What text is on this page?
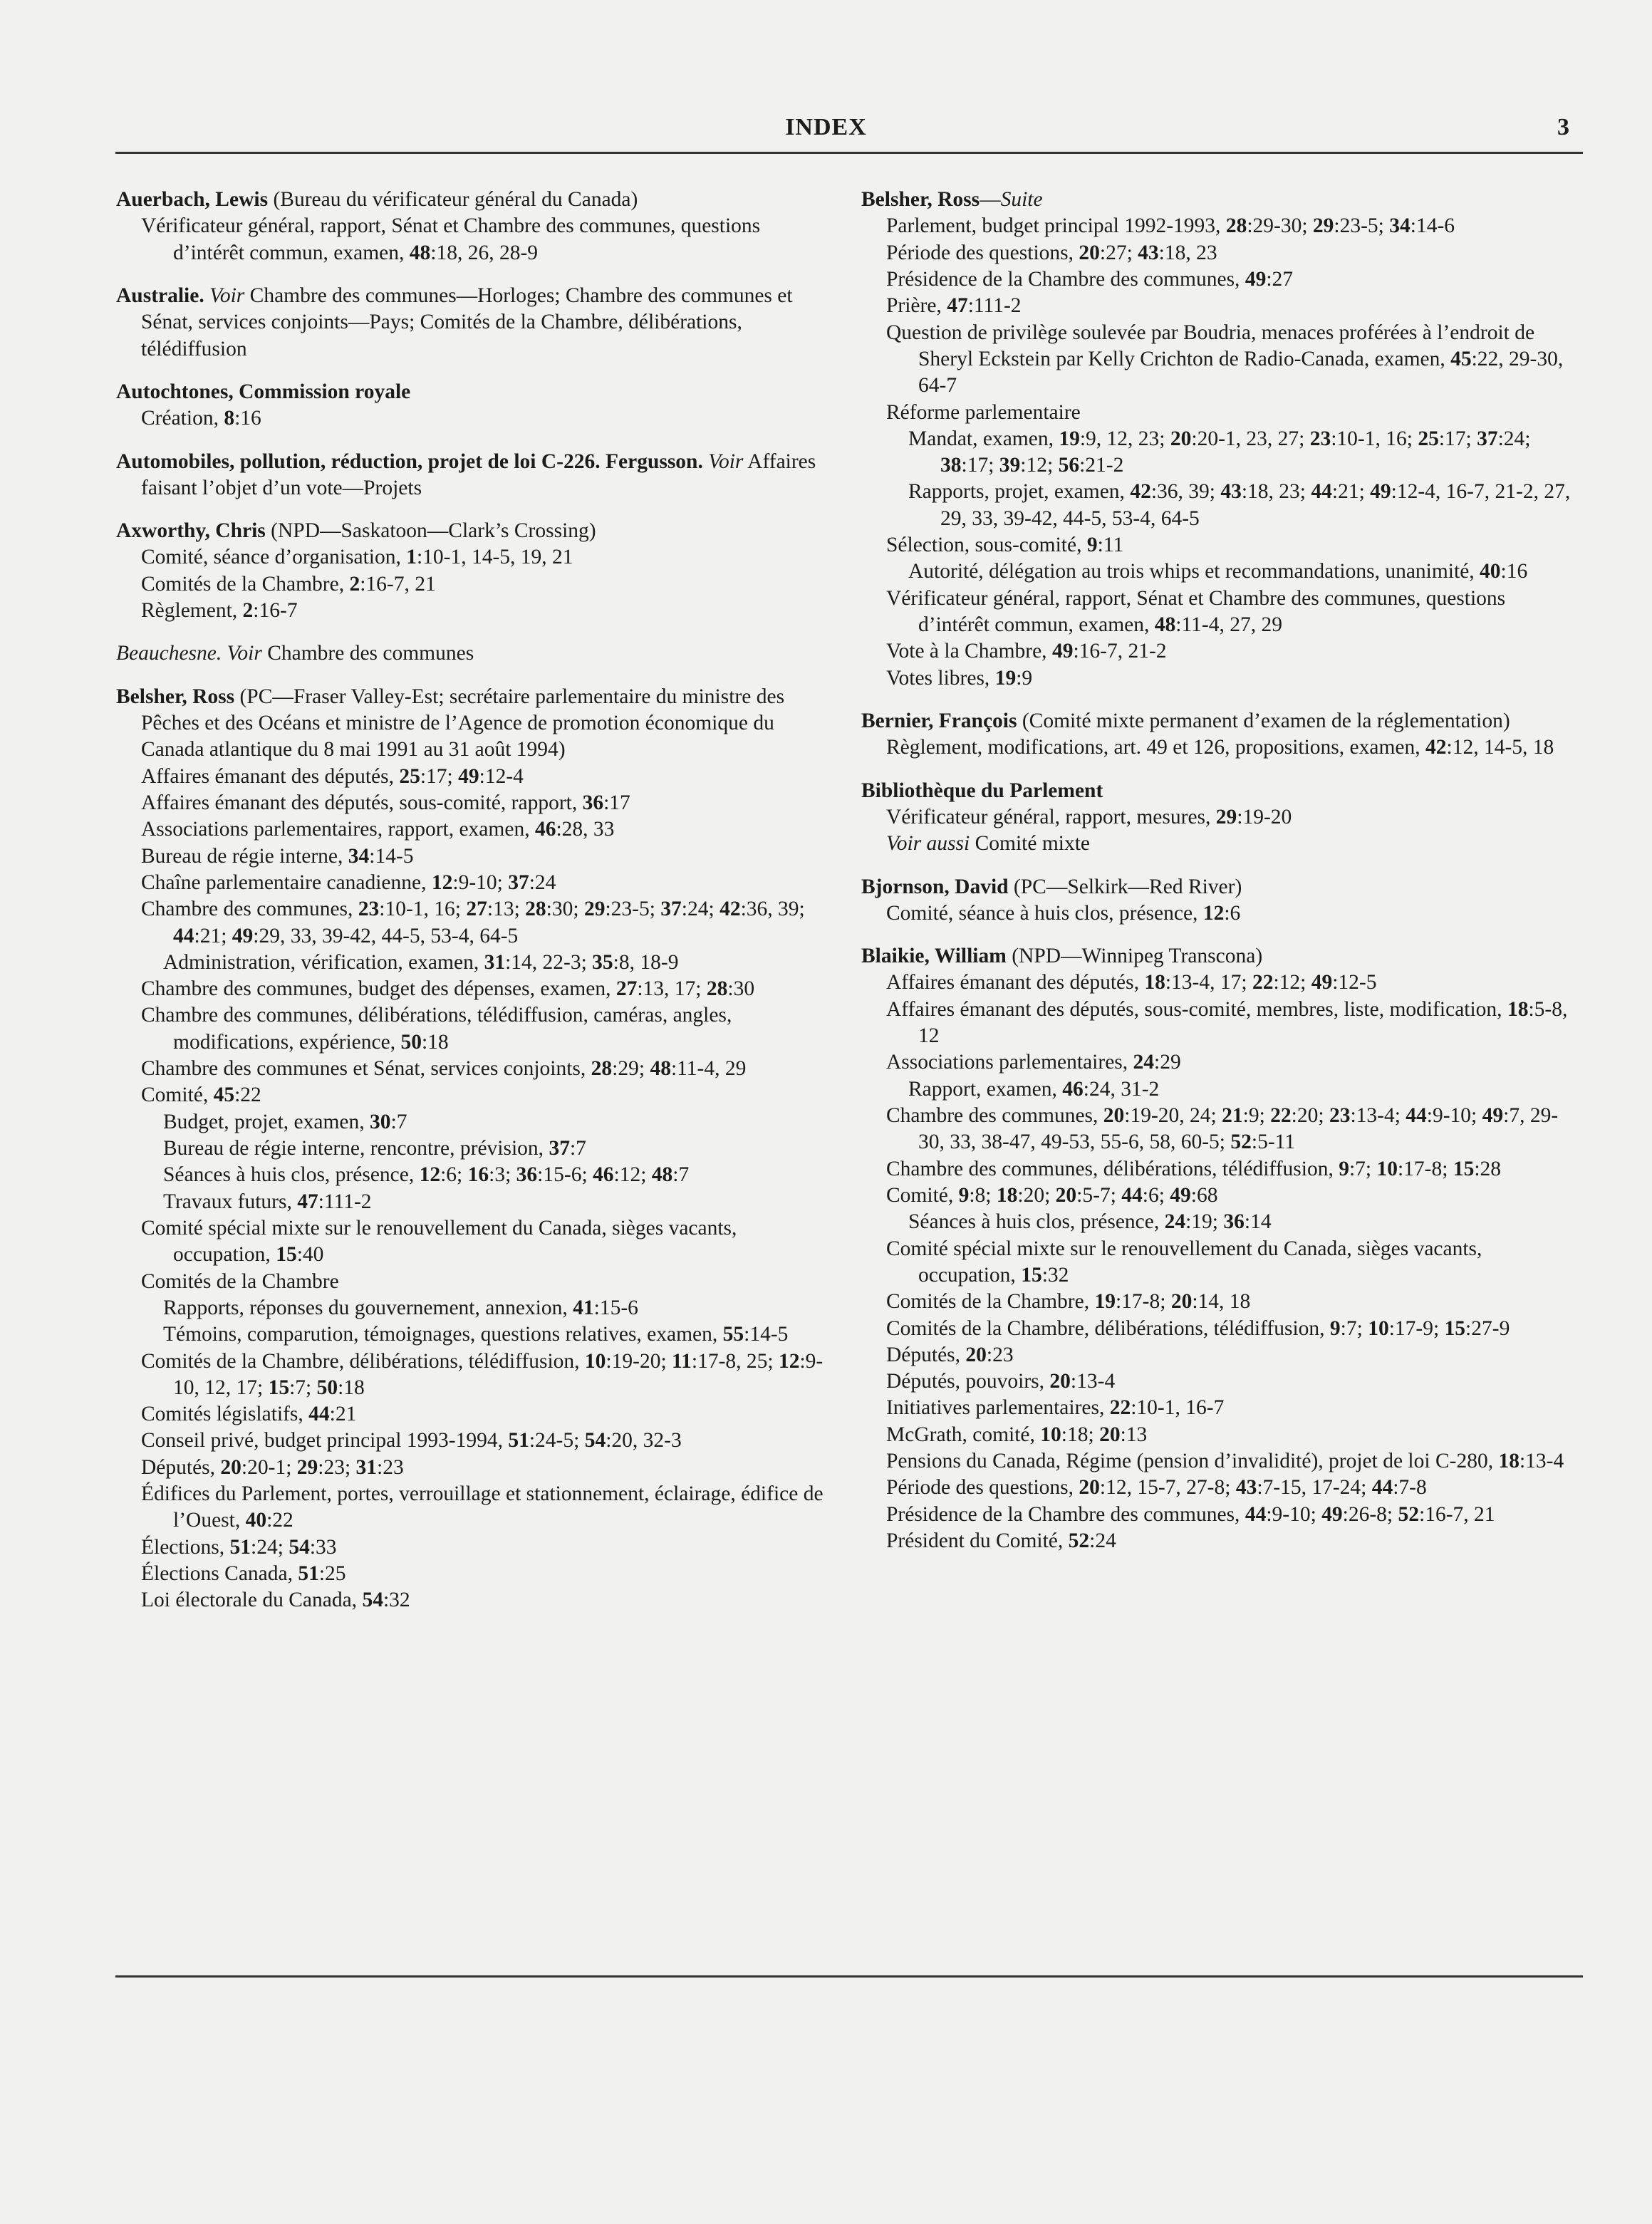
INDEX	3
Auerbach, Lewis (Bureau du vérificateur général du Canada)
Vérificateur général, rapport, Sénat et Chambre des communes, questions d’intérêt commun, examen, 48:18, 26, 28-9
Australie. Voir Chambre des communes—Horloges; Chambre des communes et Sénat, services conjoints—Pays; Comités de la Chambre, délibérations, télédiffusion
Autochtones, Commission royale
Création, 8:16
Automobiles, pollution, réduction, projet de loi C-226. Fergusson. Voir Affaires faisant l’objet d’un vote—Projets
Axworthy, Chris (NPD—Saskatoon—Clark’s Crossing)
Comité, séance d’organisation, 1:10-1, 14-5, 19, 21
Comités de la Chambre, 2:16-7, 21
Règlement, 2:16-7
Beauchesne. Voir Chambre des communes
Belsher, Ross (PC—Fraser Valley-Est; secrétaire parlementaire du ministre des Pêches et des Océans et ministre de l’Agence de promotion économique du Canada atlantique du 8 mai 1991 au 31 août 1994)
Affaires émanant des députés, 25:17; 49:12-4
Affaires émanant des députés, sous-comité, rapport, 36:17
Associations parlementaires, rapport, examen, 46:28, 33
Bureau de régie interne, 34:14-5
Chaîne parlementaire canadienne, 12:9-10; 37:24
Chambre des communes, 23:10-1, 16; 27:13; 28:30; 29:23-5; 37:24; 42:36, 39; 44:21; 49:29, 33, 39-42, 44-5, 53-4, 64-5
Administration, vérification, examen, 31:14, 22-3; 35:8, 18-9
Chambre des communes, budget des dépenses, examen, 27:13, 17; 28:30
Chambre des communes, délibérations, télédiffusion, caméras, angles, modifications, expérience, 50:18
Chambre des communes et Sénat, services conjoints, 28:29; 48:11-4, 29
Comité, 45:22
Budget, projet, examen, 30:7
Bureau de régie interne, rencontre, prévision, 37:7
Séances à huis clos, présence, 12:6; 16:3; 36:15-6; 46:12; 48:7
Travaux futurs, 47:111-2
Comité spécial mixte sur le renouvellement du Canada, sièges vacants, occupation, 15:40
Comités de la Chambre
Rapports, réponses du gouvernement, annexion, 41:15-6
Témoins, comparution, témoignages, questions relatives, examen, 55:14-5
Comités de la Chambre, délibérations, télédiffusion, 10:19-20; 11:17-8, 25; 12:9-10, 12, 17; 15:7; 50:18
Comités législatifs, 44:21
Conseil privé, budget principal 1993-1994, 51:24-5; 54:20, 32-3
Députés, 20:20-1; 29:23; 31:23
Édifices du Parlement, portes, verrouillage et stationnement, éclairage, édifice de l’Ouest, 40:22
Élections, 51:24; 54:33
Élections Canada, 51:25
Loi électorale du Canada, 54:32
Belsher, Ross—Suite
Parlement, budget principal 1992-1993, 28:29-30; 29:23-5; 34:14-6
Période des questions, 20:27; 43:18, 23
Présidence de la Chambre des communes, 49:27
Prière, 47:111-2
Question de privilège soulevée par Boudria, menaces proférées à l’endroit de Sheryl Eckstein par Kelly Crichton de Radio-Canada, examen, 45:22, 29-30, 64-7
Réforme parlementaire
Mandat, examen, 19:9, 12, 23; 20:20-1, 23, 27; 23:10-1, 16; 25:17; 37:24; 38:17; 39:12; 56:21-2
Rapports, projet, examen, 42:36, 39; 43:18, 23; 44:21; 49:12-4, 16-7, 21-2, 27, 29, 33, 39-42, 44-5, 53-4, 64-5
Sélection, sous-comité, 9:11
Autorité, délégation au trois whips et recommandations, unanimité, 40:16
Vérificateur général, rapport, Sénat et Chambre des communes, questions d’intérêt commun, examen, 48:11-4, 27, 29
Vote à la Chambre, 49:16-7, 21-2
Votes libres, 19:9
Bernier, François (Comité mixte permanent d’examen de la réglementation)
Règlement, modifications, art. 49 et 126, propositions, examen, 42:12, 14-5, 18
Bibliothèque du Parlement
Vérificateur général, rapport, mesures, 29:19-20
Voir aussi Comité mixte
Bjornson, David (PC—Selkirk—Red River)
Comité, séance à huis clos, présence, 12:6
Blaikie, William (NPD—Winnipeg Transcona)
Affaires émanant des députés, 18:13-4, 17; 22:12; 49:12-5
Affaires émanant des députés, sous-comité, membres, liste, modification, 18:5-8, 12
Associations parlementaires, 24:29
Rapport, examen, 46:24, 31-2
Chambre des communes, 20:19-20, 24; 21:9; 22:20; 23:13-4; 44:9-10; 49:7, 29-30, 33, 38-47, 49-53, 55-6, 58, 60-5; 52:5-11
Chambre des communes, délibérations, télédiffusion, 9:7; 10:17-8; 15:28
Comité, 9:8; 18:20; 20:5-7; 44:6; 49:68
Séances à huis clos, présence, 24:19; 36:14
Comité spécial mixte sur le renouvellement du Canada, sièges vacants, occupation, 15:32
Comités de la Chambre, 19:17-8; 20:14, 18
Comités de la Chambre, délibérations, télédiffusion, 9:7; 10:17-9; 15:27-9
Députés, 20:23
Députés, pouvoirs, 20:13-4
Initiatives parlementaires, 22:10-1, 16-7
McGrath, comité, 10:18; 20:13
Pensions du Canada, Régime (pension d’invalidité), projet de loi C-280, 18:13-4
Période des questions, 20:12, 15-7, 27-8; 43:7-15, 17-24; 44:7-8
Présidence de la Chambre des communes, 44:9-10; 49:26-8; 52:16-7, 21
Président du Comité, 52:24
